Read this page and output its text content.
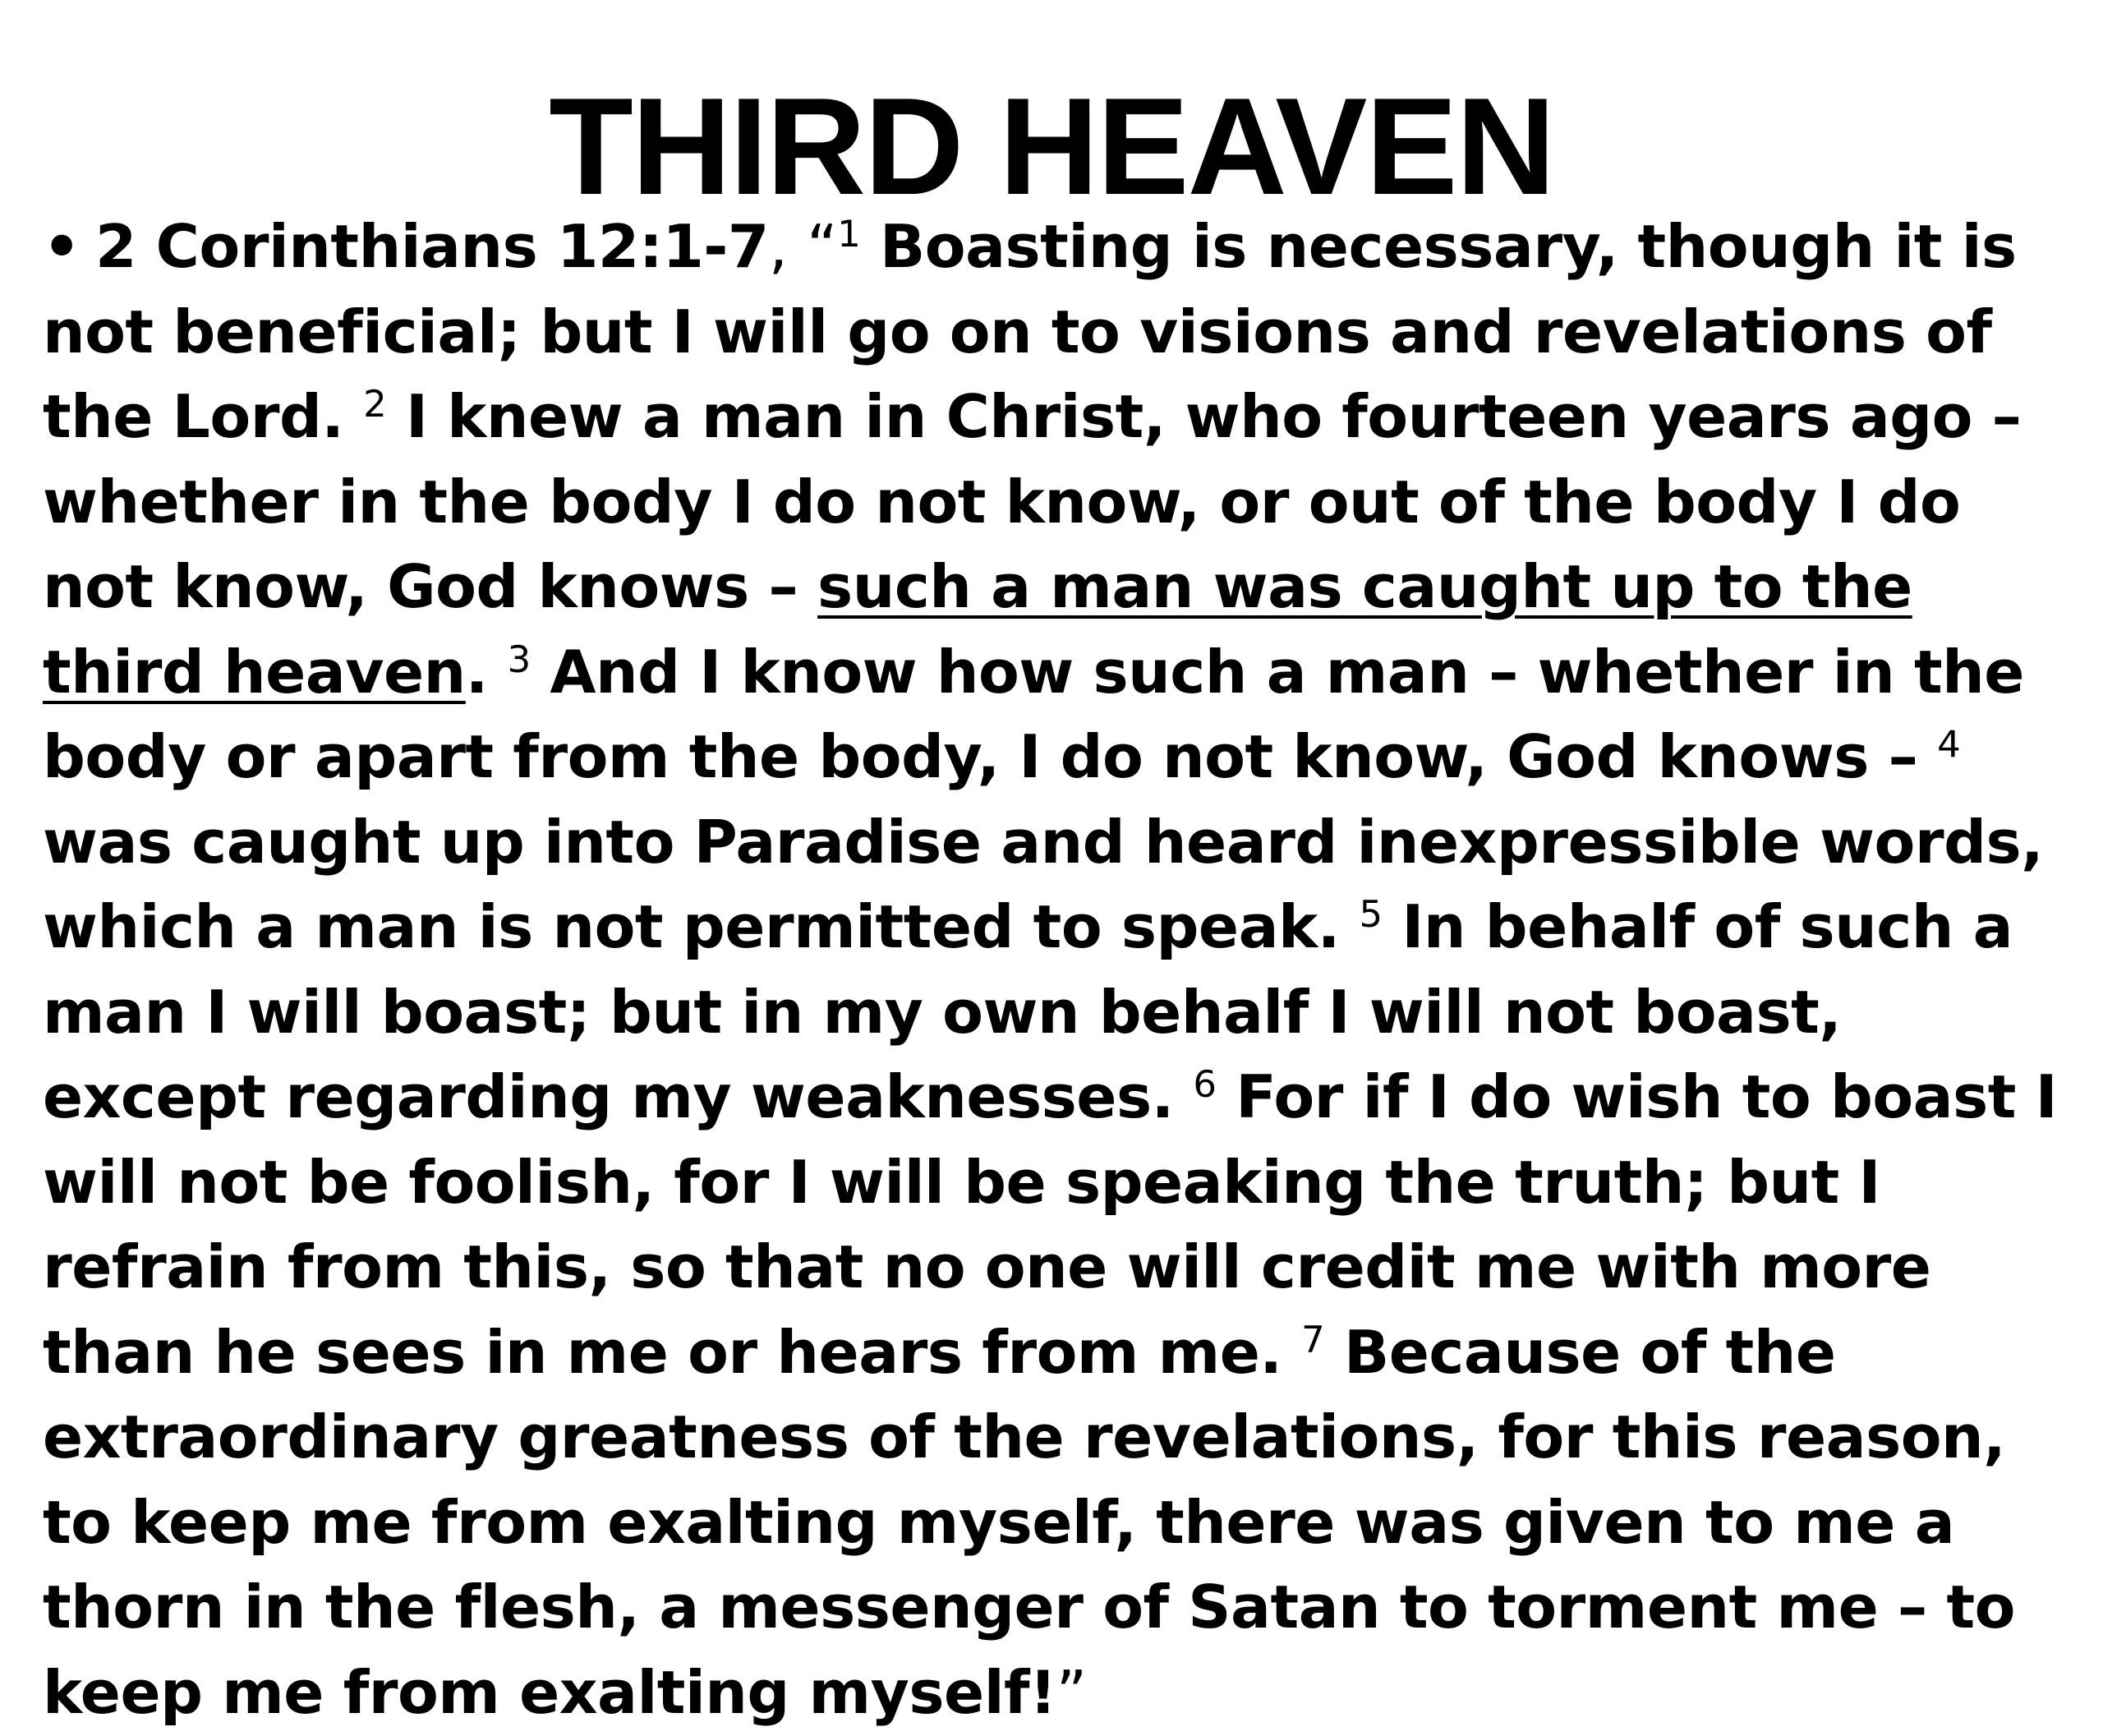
THIRD HEAVEN
• 2 Corinthians 12:1-7, “$^1$ Boasting is necessary, though it is not beneficial; but I will go on to visions and revelations of the Lord. $^2$ I knew a man in Christ, who fourteen years ago – whether in the body I do not know, or out of the body I do not know, God knows – such a man was caught up to the third heaven. $^3$ And I know how such a man – whether in the body or apart from the body, I do not know, God knows – $^4$ was caught up into Paradise and heard inexpressible words, which a man is not permitted to speak. $^5$ In behalf of such a man I will boast; but in my own behalf I will not boast, except regarding my weaknesses. $^6$ For if I do wish to boast I will not be foolish, for I will be speaking the truth; but I refrain from this, so that no one will credit me with more than he sees in me or hears from me. $^7$ Because of the extraordinary greatness of the revelations, for this reason, to keep me from exalting myself, there was given to me a thorn in the flesh, a messenger of Satan to torment me – to keep me from exalting myself!”
